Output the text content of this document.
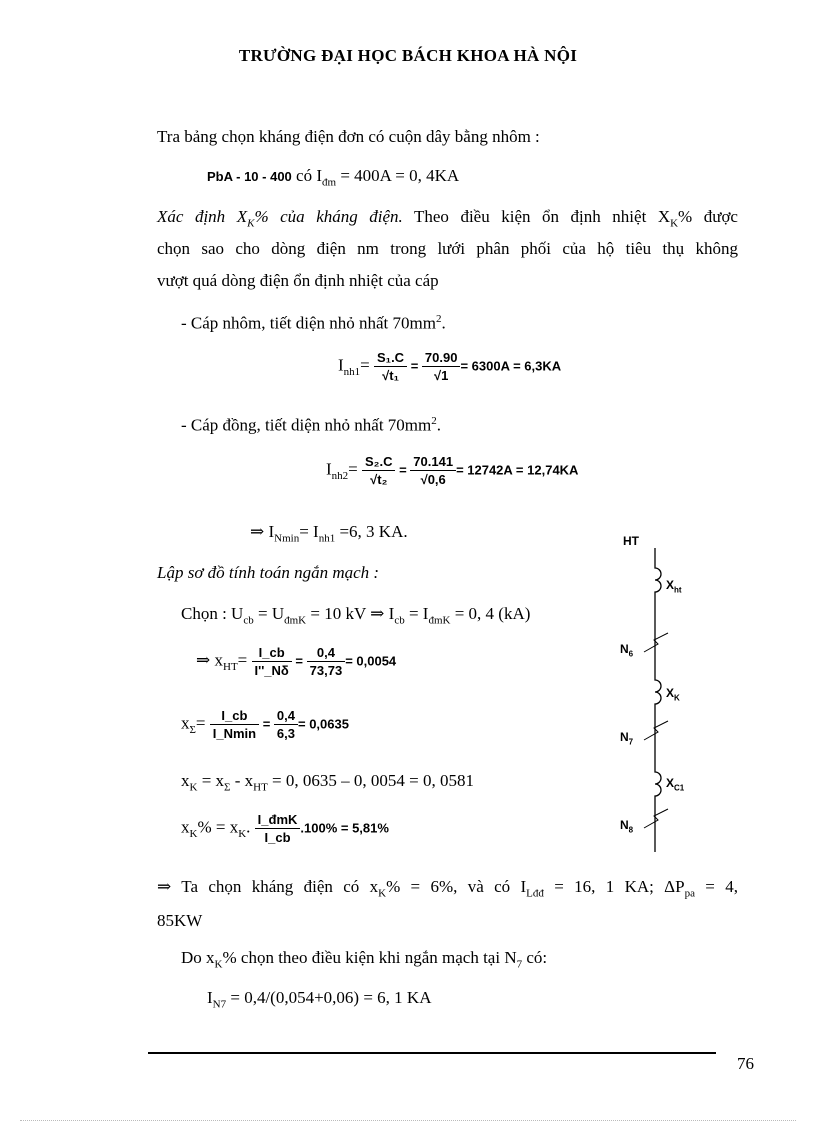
TRƯỜNG ĐẠI HỌC BÁCH KHOA HÀ NỘI
Tra bảng chọn kháng điện đơn có cuộn dây bằng nhôm :
PbA - 10 - 400 có $I_{đm} = 400A = 0$, 4KA
Xác định $X_K\%$ của kháng điện. Theo điều kiện ổn định nhiệt $X_K\%$ được
chọn sao cho dòng điện nm trong lưới phân phối của hộ tiêu thụ không
vượt quá dòng điện ổn định nhiệt của cáp
- Cáp nhôm, tiết diện nhỏ nhất $70mm^2$.
$I_{nh1}= \frac{\text{S₁.C}}{\text{√t₁}} = \frac{70.90}{√1} = 6300A = 6,3KA$
- Cáp đồng, tiết diện nhỏ nhất $70mm^2$.
$I_{nh2}= \frac{\text{S₂.C}}{\text{√t₂}} = \frac{70.141}{√0,6} = 12742A = 12,74KA$
⇒ $I_{Nmin}= I_{nh1} =6$, 3 KA.
Lập sơ đồ tính toán ngắn mạch :
Chọn : $U_{cb} = U_{đmK} = 10$ kV ⇒ $I_{cb} = I_{đmK} = 0$, 4 (kA)
⇒ $x_{HT}= \frac{I\_cb}{I''\_N\delta} = \frac{0,4}{73,73} = 0,0054$
$x_\Sigma= \frac{I\_cb}{I\_Nmin} = \frac{0,4}{6,3} = 0,0635$
$x_K = x_\Sigma - x_{HT} = 0$, 0635 – 0, 0054 = 0, 0581
$x_K\% = x_K$. $\frac{\text{I\_đmK}}{I\_cb} .100\% = 5,81\%$
⇒ Ta chọn kháng điện có $x_K\% = 6\%$, và có $I_{Lđđ} = 16$, 1 KA; $\Delta P_{pa} = 4$,
85KW
Do $x_K\%$ chọn theo điều kiện khi ngắn mạch tại $N_7$ có:
$I_{N7} = 0,4/(0,054+0,06) = 6$, 1 KA
HT
$X_{ht}$
$N_6$
$X_K$
$N_7$
$X_{C1}$
$N_8$
76
